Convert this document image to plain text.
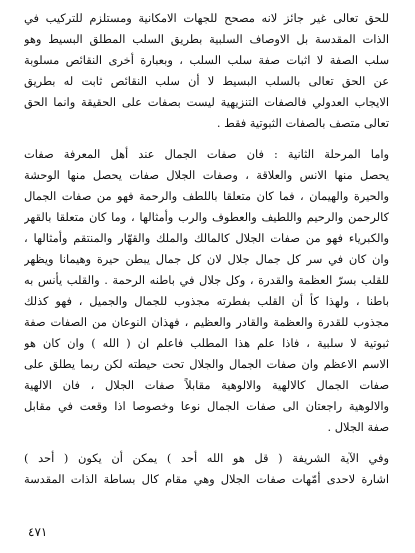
للحق تعالى غير جائز لانه مصحح للجهات الامكانية ومستلزم للتركيب في
الذات المقدسة بل الاوصاف السلبية بطريق السلب المطلق البسيط وهو
سلب الصفة لا اثبات صفة سلب السلب ، وبعبارة أخرى النقائص مسلوبة
عن الحق تعالى بالسلب البسيط لا أن سلب النقائص ثابت له بطريق
الايجاب العدولي فالصفات التنزيهية ليست بصفات على الحقيقة وانما الحق
تعالى متصف بالصفات الثبوتية فقط .
واما المرحلة الثانية : فان صفات الجمال عند أهل المعرفة صفات
يحصل منها الانس والعلاقة ، وصفات الجلال صفات يحصل منها الوحشة
والحيرة والهيمان ، فما كان متعلقا باللطف والرحمة فهو من صفات الجمال
كالرحمن والرحيم واللطيف والعطوف والرب وأمثالها ، وما كان متعلقا بالقهر
والكبرياء فهو من صفات الجلال كالمالك والملك والقهّار والمنتقم وأمثالها ،
وان كان في سر كل جمال جلال لان كل جمال يبطن حيرة وهيمانا ويظهر
للقلب بسرّ العظمة والقدرة ، وكل جلال في باطنه الرحمة . والقلب يأنس به
باطنا ، ولهذا كأ أن القلب بفطرته مجذوب للجمال والجميل ، فهو كذلك
مجذوب للقدرة والعظمة والقادر والعظيم ، فهذان النوعان من الصفات صفة
ثبوتية لا سلبية ، فاذا علم هذا المطلب فاعلم ان ( الله ) وان كان هو
الاسم الاعظم وان صفات الجمال والجلال تحت حيطته لكن ربما يطلق على
صفات الجمال كالالهية والالوهية مقابلاً صفات الجلال ، فان الالهية
والالوهية راجعتان الى صفات الجمال نوعا وخصوصا اذا وقعت في مقابل
صفة الجلال .
وفي الآية الشريفة ( قل هو الله أحد ) يمكن أن يكون ( أحد )
اشارة لاحدى أمّهات صفات الجلال وهي مقام كال بساطة الذات المقدسة
٤٧١
